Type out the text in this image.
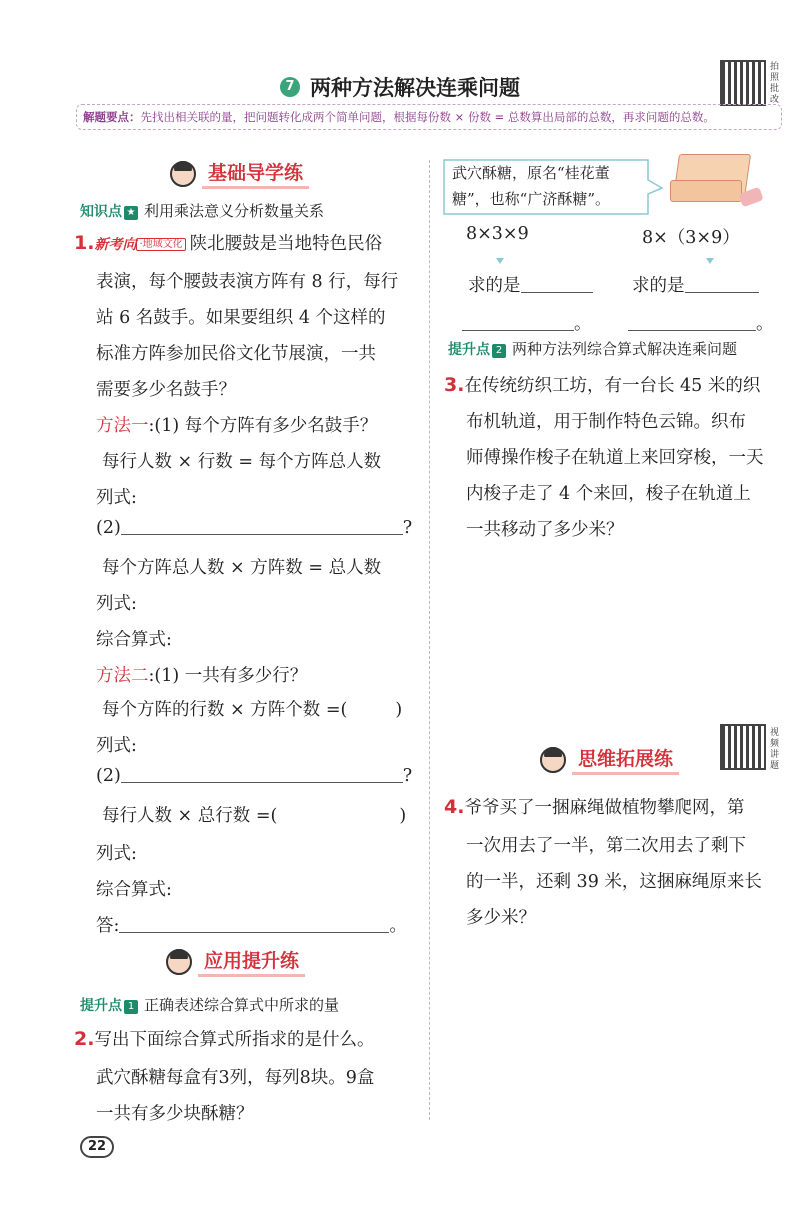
7 两种方法解决连乘问题
拍照批改
解题要点：先找出相关联的量，把问题转化成两个简单问题，根据每份数 × 份数 = 总数算出局部的总数，再求问题的总数。
基础导学练
知识点 ★ 利用乘法意义分析数量关系
1.新考向 ·地域文化 陕北腰鼓是当地特色民俗
表演，每个腰鼓表演方阵有 8 行，每行
站 6 名鼓手。如果要组织 4 个这样的
标准方阵参加民俗文化节展演，一共
需要多少名鼓手？
方法一:(1) 每个方阵有多少名鼓手？
每行人数 × 行数 = 每个方阵总人数
列式:
(2)	?
每个方阵总人数 × 方阵数 = 总人数
列式:
综合算式:
方法二:(1) 一共有多少行？
每个方阵的行数 × 方阵个数 =(	)
列式:
(2)	?
每行人数 × 总行数 =(	)
列式:
综合算式:
答:	。
应用提升练
提升点 1 正确表述综合算式中所求的量
2.写出下面综合算式所指求的是什么。
武穴酥糖每盒有3列，每列8块。9盒
一共有多少块酥糖？
武穴酥糖，原名“桂花董
糖”，也称“广济酥糖”。
8×3×9	8×（3×9）
求的是	求的是
。	。
提升点 2 两种方法列综合算式解决连乘问题
3.在传统纺织工坊，有一台长 45 米的织
布机轨道，用于制作特色云锦。织布
师傅操作梭子在轨道上来回穿梭，一天
内梭子走了 4 个来回，梭子在轨道上
一共移动了多少米？
视频讲题
思维拓展练
4.爷爷买了一捆麻绳做植物攀爬网，第
一次用去了一半，第二次用去了剩下
的一半，还剩 39 米，这捆麻绳原来长
多少米？
22
